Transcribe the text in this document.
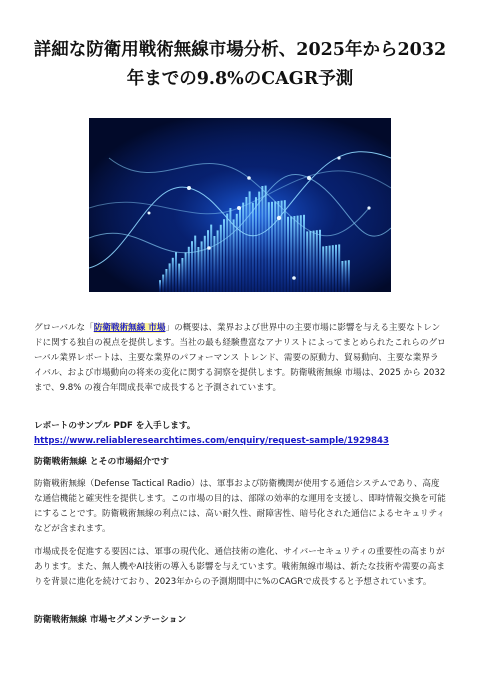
詳細な防衛用戦術無線市場分析、2025年から2032年までの9.8%のCAGR予測

グローバルな「防衛戦術無線 市場」の概要は、業界および世界中の主要市場に影響を与える主要なトレンドに関する独自の視点を提供します。当社の最も経験豊富なアナリストによってまとめられたこれらのグローバル業界レポートは、主要な業界のパフォーマンス トレンド、需要の原動力、貿易動向、主要な業界ライバル、および市場動向の将来の変化に関する洞察を提供します。防衛戦術無線 市場は、2025 から 2032 まで、9.8% の複合年間成長率で成長すると予測されています。

レポートのサンプル PDF を入手します。 https://www.reliableresearchtimes.com/enquiry/request-sample/1929843

防衛戦術無線 とその市場紹介です

防衛戦術無線（Defense Tactical Radio）は、軍事および防衛機関が使用する通信システムであり、高度な通信機能と確実性を提供します。この市場の目的は、部隊の効率的な運用を支援し、即時情報交換を可能にすることです。防衛戦術無線の利点には、高い耐久性、耐障害性、暗号化された通信によるセキュリティなどが含まれます。

市場成長を促進する要因には、軍事の現代化、通信技術の進化、サイバーセキュリティの重要性の高まりがあります。また、無人機やAI技術の導入も影響を与えています。戦術無線市場は、新たな技術や需要の高まりを背景に進化を続けており、2023年からの予測期間中に%のCAGRで成長すると予想されています。

防衛戦術無線 市場セグメンテーション
